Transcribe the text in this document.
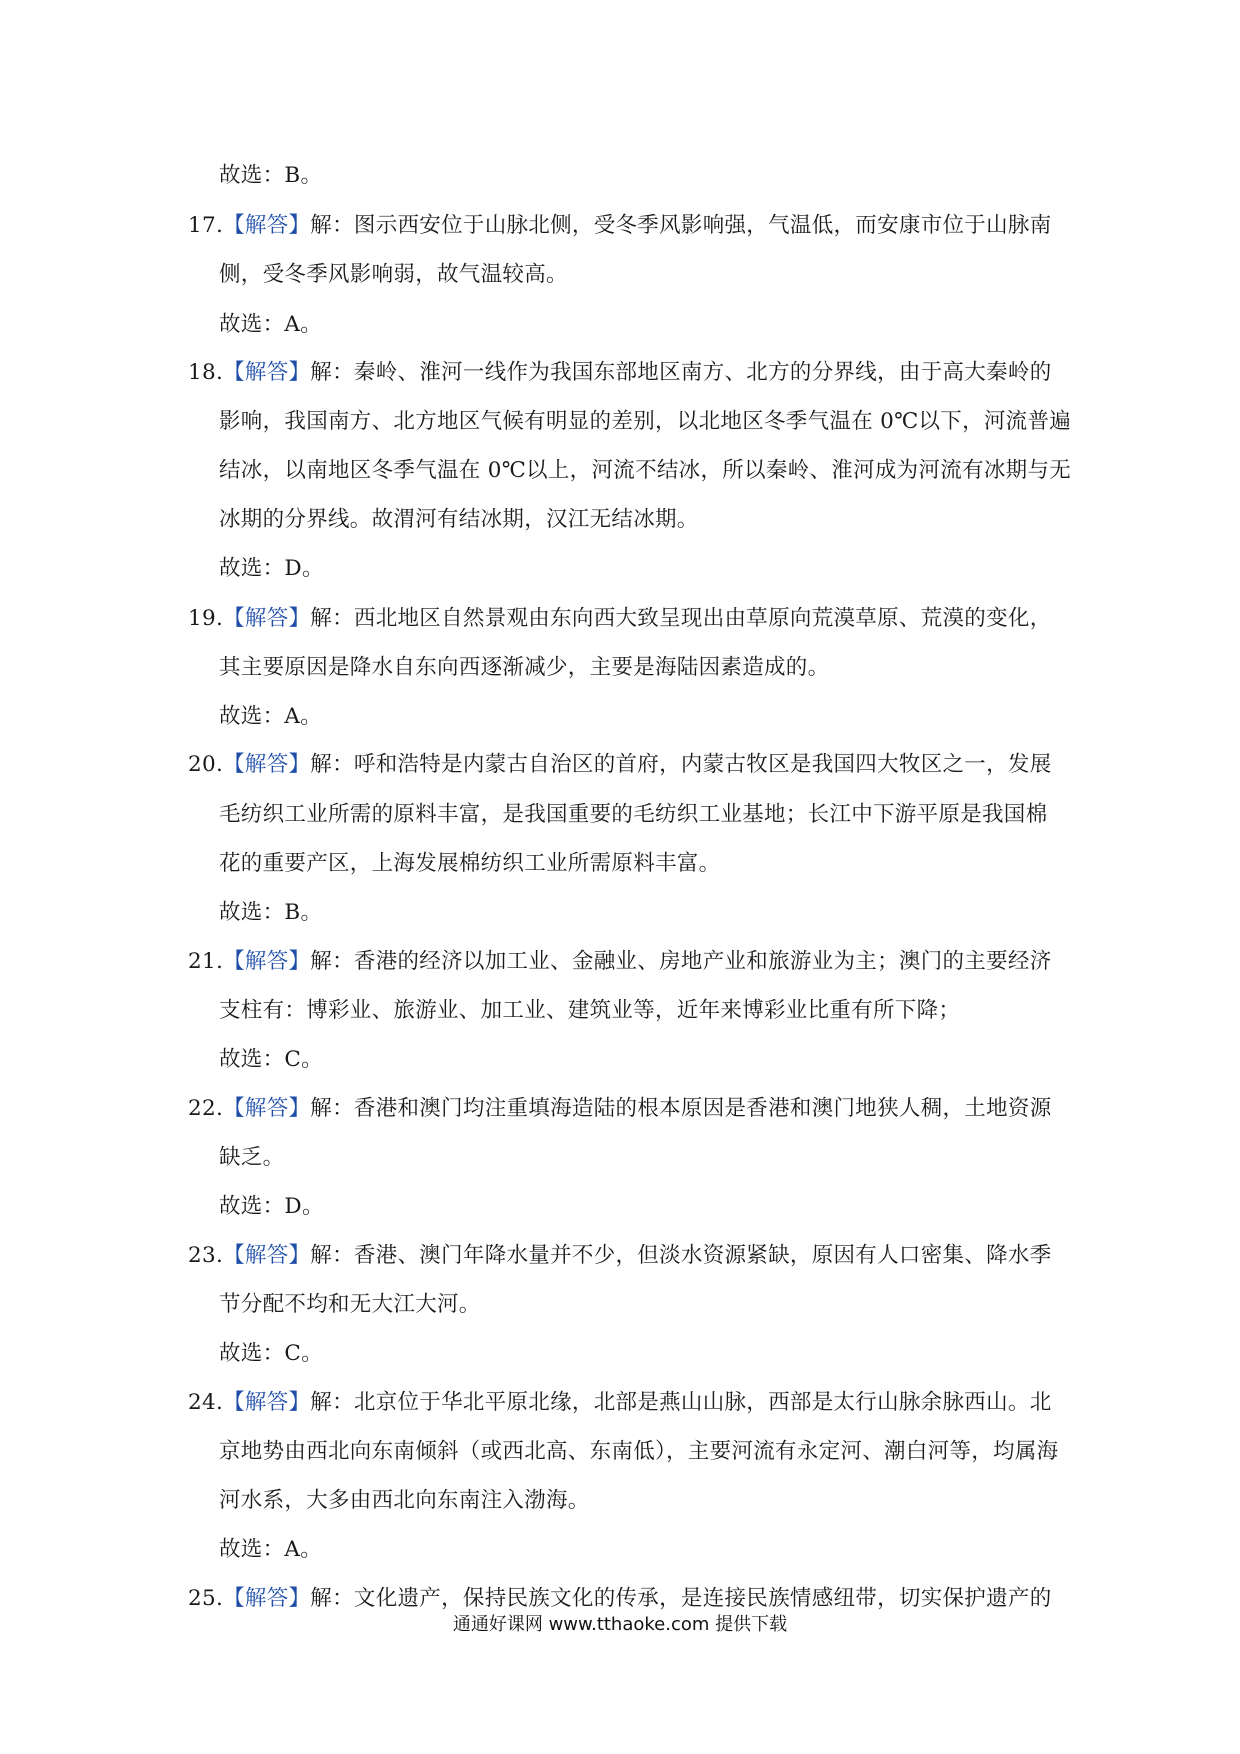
故选：B。
17.【解答】解：图示西安位于山脉北侧，受冬季风影响强，气温低，而安康市位于山脉南
侧，受冬季风影响弱，故气温较高。
故选：A。
18.【解答】解：秦岭、淮河一线作为我国东部地区南方、北方的分界线，由于高大秦岭的
影响，我国南方、北方地区气候有明显的差别，以北地区冬季气温在 0℃以下，河流普遍
结冰，以南地区冬季气温在 0℃以上，河流不结冰，所以秦岭、淮河成为河流有冰期与无
冰期的分界线。故渭河有结冰期，汉江无结冰期。
故选：D。
19.【解答】解：西北地区自然景观由东向西大致呈现出由草原向荒漠草原、荒漠的变化，
其主要原因是降水自东向西逐渐减少，主要是海陆因素造成的。
故选：A。
20.【解答】解：呼和浩特是内蒙古自治区的首府，内蒙古牧区是我国四大牧区之一，发展
毛纺织工业所需的原料丰富，是我国重要的毛纺织工业基地；长江中下游平原是我国棉
花的重要产区，上海发展棉纺织工业所需原料丰富。
故选：B。
21.【解答】解：香港的经济以加工业、金融业、房地产业和旅游业为主；澳门的主要经济
支柱有：博彩业、旅游业、加工业、建筑业等，近年来博彩业比重有所下降；
故选：C。
22.【解答】解：香港和澳门均注重填海造陆的根本原因是香港和澳门地狭人稠，土地资源
缺乏。
故选：D。
23.【解答】解：香港、澳门年降水量并不少，但淡水资源紧缺，原因有人口密集、降水季
节分配不均和无大江大河。
故选：C。
24.【解答】解：北京位于华北平原北缘，北部是燕山山脉，西部是太行山脉余脉西山。北
京地势由西北向东南倾斜（或西北高、东南低），主要河流有永定河、潮白河等，均属海
河水系，大多由西北向东南注入渤海。
故选：A。
25.【解答】解：文化遗产，保持民族文化的传承，是连接民族情感纽带，切实保护遗产的
通通好课网 www.tthaoke.com 提供下载
